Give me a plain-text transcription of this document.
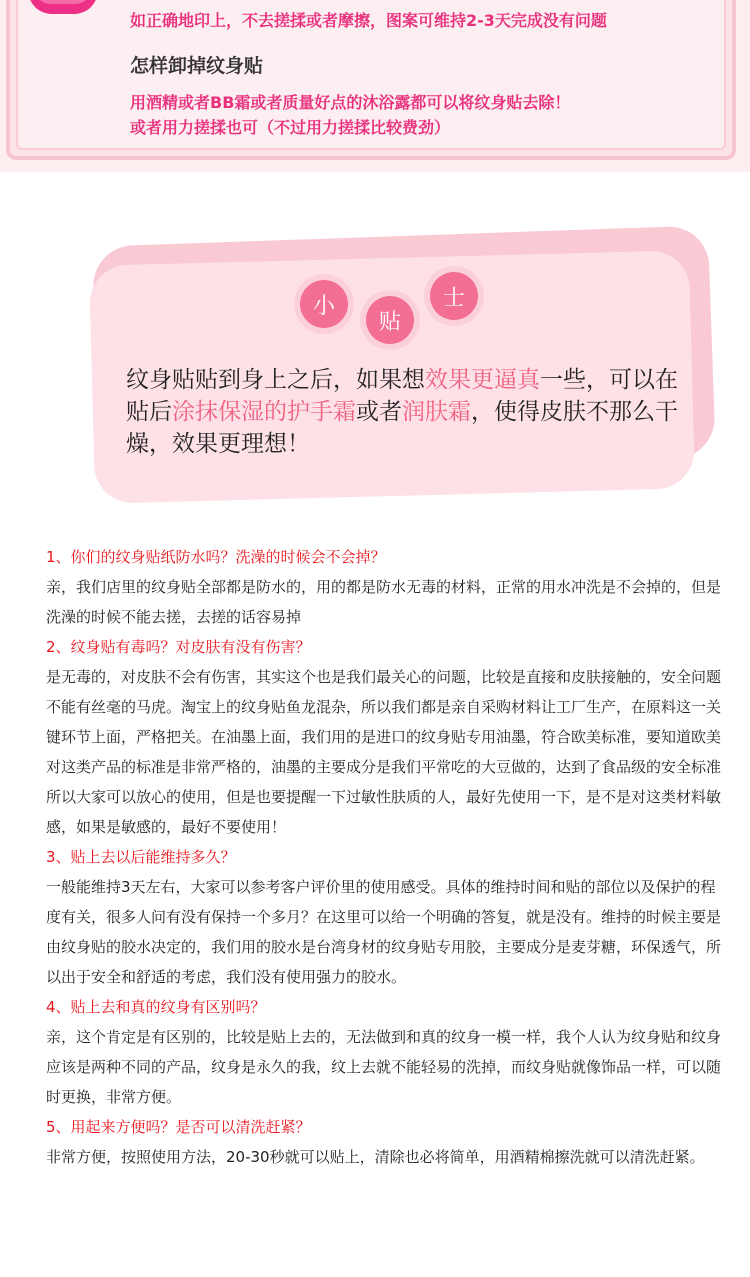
如正确地印上，不去搓揉或者摩擦，图案可维持2-3天完成没有问题
怎样卸掉纹身贴
用酒精或者BB霜或者质量好点的沐浴露都可以将纹身贴去除！
或者用力搓揉也可（不过用力搓揉比较费劲）
小
贴
士
纹身贴贴到身上之后，如果想效果更逼真一些，可以在贴后涂抹保湿的护手霜或者润肤霜，使得皮肤不那么干燥，效果更理想！

1、你们的纹身贴纸防水吗？洗澡的时候会不会掉？

亲，我们店里的纹身贴全部都是防水的，用的都是防水无毒的材料，正常的用水冲洗是不会掉的，但是洗澡的时候不能去搓，去搓的话容易掉

2、纹身贴有毒吗？对皮肤有没有伤害？

是无毒的，对皮肤不会有伤害，其实这个也是我们最关心的问题，比较是直接和皮肤接触的，安全问题不能有丝毫的马虎。淘宝上的纹身贴鱼龙混杂，所以我们都是亲自采购材料让工厂生产，在原料这一关键环节上面，严格把关。在油墨上面，我们用的是进口的纹身贴专用油墨，符合欧美标准，要知道欧美对这类产品的标准是非常严格的，油墨的主要成分是我们平常吃的大豆做的，达到了食品级的安全标准所以大家可以放心的使用，但是也要提醒一下过敏性肤质的人，最好先使用一下，是不是对这类材料敏感，如果是敏感的，最好不要使用！

3、贴上去以后能维持多久？

一般能维持3天左右，大家可以参考客户评价里的使用感受。具体的维持时间和贴的部位以及保护的程度有关，很多人问有没有保持一个多月？在这里可以给一个明确的答复，就是没有。维持的时候主要是由纹身贴的胶水决定的，我们用的胶水是台湾身材的纹身贴专用胶，主要成分是麦芽糖，环保透气，所以出于安全和舒适的考虑，我们没有使用强力的胶水。

4、贴上去和真的纹身有区别吗？

亲，这个肯定是有区别的，比较是贴上去的，无法做到和真的纹身一模一样，我个人认为纹身贴和纹身应该是两种不同的产品，纹身是永久的我，纹上去就不能轻易的洗掉，而纹身贴就像饰品一样，可以随时更换，非常方便。

5、用起来方便吗？是否可以清洗赶紧？

非常方便，按照使用方法，20-30秒就可以贴上，清除也必将简单，用酒精棉擦洗就可以清洗赶紧。
